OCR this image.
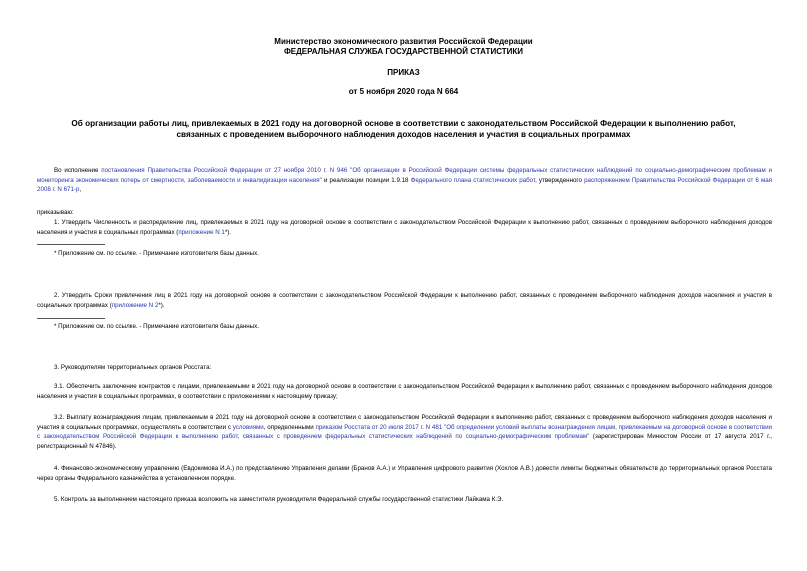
Министерство экономического развития Российской Федерации
ФЕДЕРАЛЬНАЯ СЛУЖБА ГОСУДАРСТВЕННОЙ СТАТИСТИКИ
ПРИКАЗ
от 5 ноября 2020 года N 664
Об организации работы лиц, привлекаемых в 2021 году на договорной основе в соответствии с законодательством Российской Федерации к выполнению работ,
связанных с проведением выборочного наблюдения доходов населения и участия в социальных программах
Во исполнение постановления Правительства Российской Федерации от 27 ноября 2010 г. N 946 "Об организации в Российской Федерации системы федеральных статистических наблюдений по социально-демографическим проблемам и мониторинга экономических потерь от смертности, заболеваемости и инвалидизации населения" и реализации позиции 1.9.18 Федерального плана статистических работ, утвержденного распоряжением Правительства Российской Федерации от 6 мая 2008 г. N 671-р,
приказываю:
1. Утвердить Численность и распределение лиц, привлекаемых в 2021 году на договорной основе в соответствии с законодательством Российской Федерации к выполнению работ, связанных с проведением выборочного наблюдения доходов населения и участия в социальных программах (приложение N 1*).
* Приложение см. по ссылке. - Примечание изготовителя базы данных.
2. Утвердить Сроки привлечения лиц в 2021 году на договорной основе в соответствии с законодательством Российской Федерации к выполнению работ, связанных с проведением выборочного наблюдения доходов населения и участия в социальных программах (приложение N 2*).
* Приложение см. по ссылке. - Примечание изготовителя базы данных.
3. Руководителям территориальных органов Росстата:
3.1. Обеспечить заключение контрактов с лицами, привлекаемыми в 2021 году на договорной основе в соответствии с законодательством Российской Федерации к выполнению работ, связанных с проведением выборочного наблюдения доходов населения и участия в социальных программах, в соответствии с приложениями к настоящему приказу;
3.2. Выплату вознаграждения лицам, привлекаемым в 2021 году на договорной основе в соответствии с законодательством Российской Федерации к выполнению работ, связанных с проведением выборочного наблюдения доходов населения и участия в социальных программах, осуществлять в соответствии с условиями, определенными приказом Росстата от 20 июля 2017 г. N 481 "Об определении условий выплаты вознаграждения лицам, привлекаемым на договорной основе в соответствии с законодательством Российской Федерации к выполнению работ, связанных с проведением федеральных статистических наблюдений по социально-демографическим проблемам" (зарегистрирован Минюстом России от 17 августа 2017 г., регистрационный N 47846).
4. Финансово-экономическому управлению (Евдокимова И.А.) по представлению Управления делами (Бранов А.А.) и Управления цифрового развития (Хохлов А.В.) довести лимиты бюджетных обязательств до территориальных органов Росстата через органы Федерального казначейства в установленном порядке.
5. Контроль за выполнением настоящего приказа возложить на заместителя руководителя Федеральной службы государственной статистики Лайкама К.Э.
